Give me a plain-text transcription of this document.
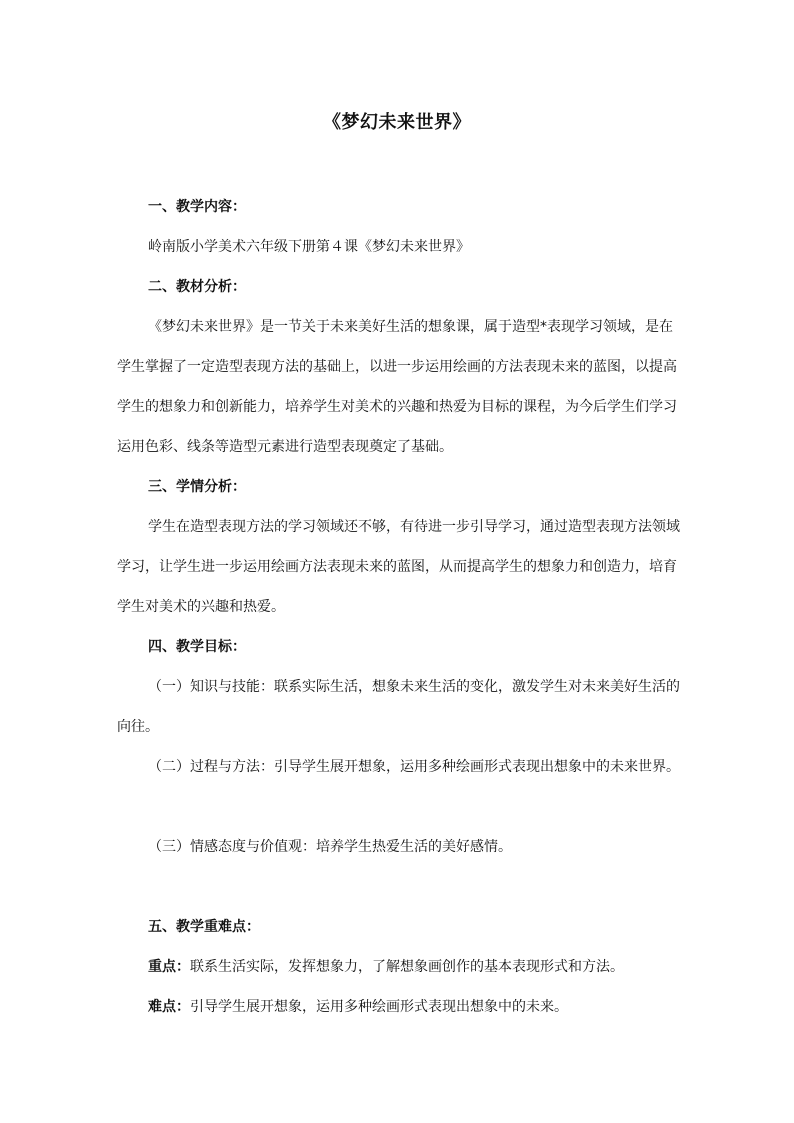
《梦幻未来世界》
一、教学内容：
岭南版小学美术六年级下册第４课《梦幻未来世界》
二、教材分析：
《梦幻未来世界》是一节关于未来美好生活的想象课，属于造型*表现学习领域，是在
学生掌握了一定造型表现方法的基础上，以进一步运用绘画的方法表现未来的蓝图，以提高
学生的想象力和创新能力，培养学生对美术的兴趣和热爱为目标的课程，为今后学生们学习
运用色彩、线条等造型元素进行造型表现奠定了基础。
三、学情分析：
学生在造型表现方法的学习领域还不够，有待进一步引导学习，通过造型表现方法领域
学习，让学生进一步运用绘画方法表现未来的蓝图，从而提高学生的想象力和创造力，培育
学生对美术的兴趣和热爱。
四、教学目标：
（一）知识与技能：联系实际生活，想象未来生活的变化，激发学生对未来美好生活的
向往。
（二）过程与方法：引导学生展开想象，运用多种绘画形式表现出想象中的未来世界。
（三）情感态度与价值观：培养学生热爱生活的美好感情。
五、教学重难点：
重点：联系生活实际，发挥想象力，了解想象画创作的基本表现形式和方法。
难点：引导学生展开想象，运用多种绘画形式表现出想象中的未来。
